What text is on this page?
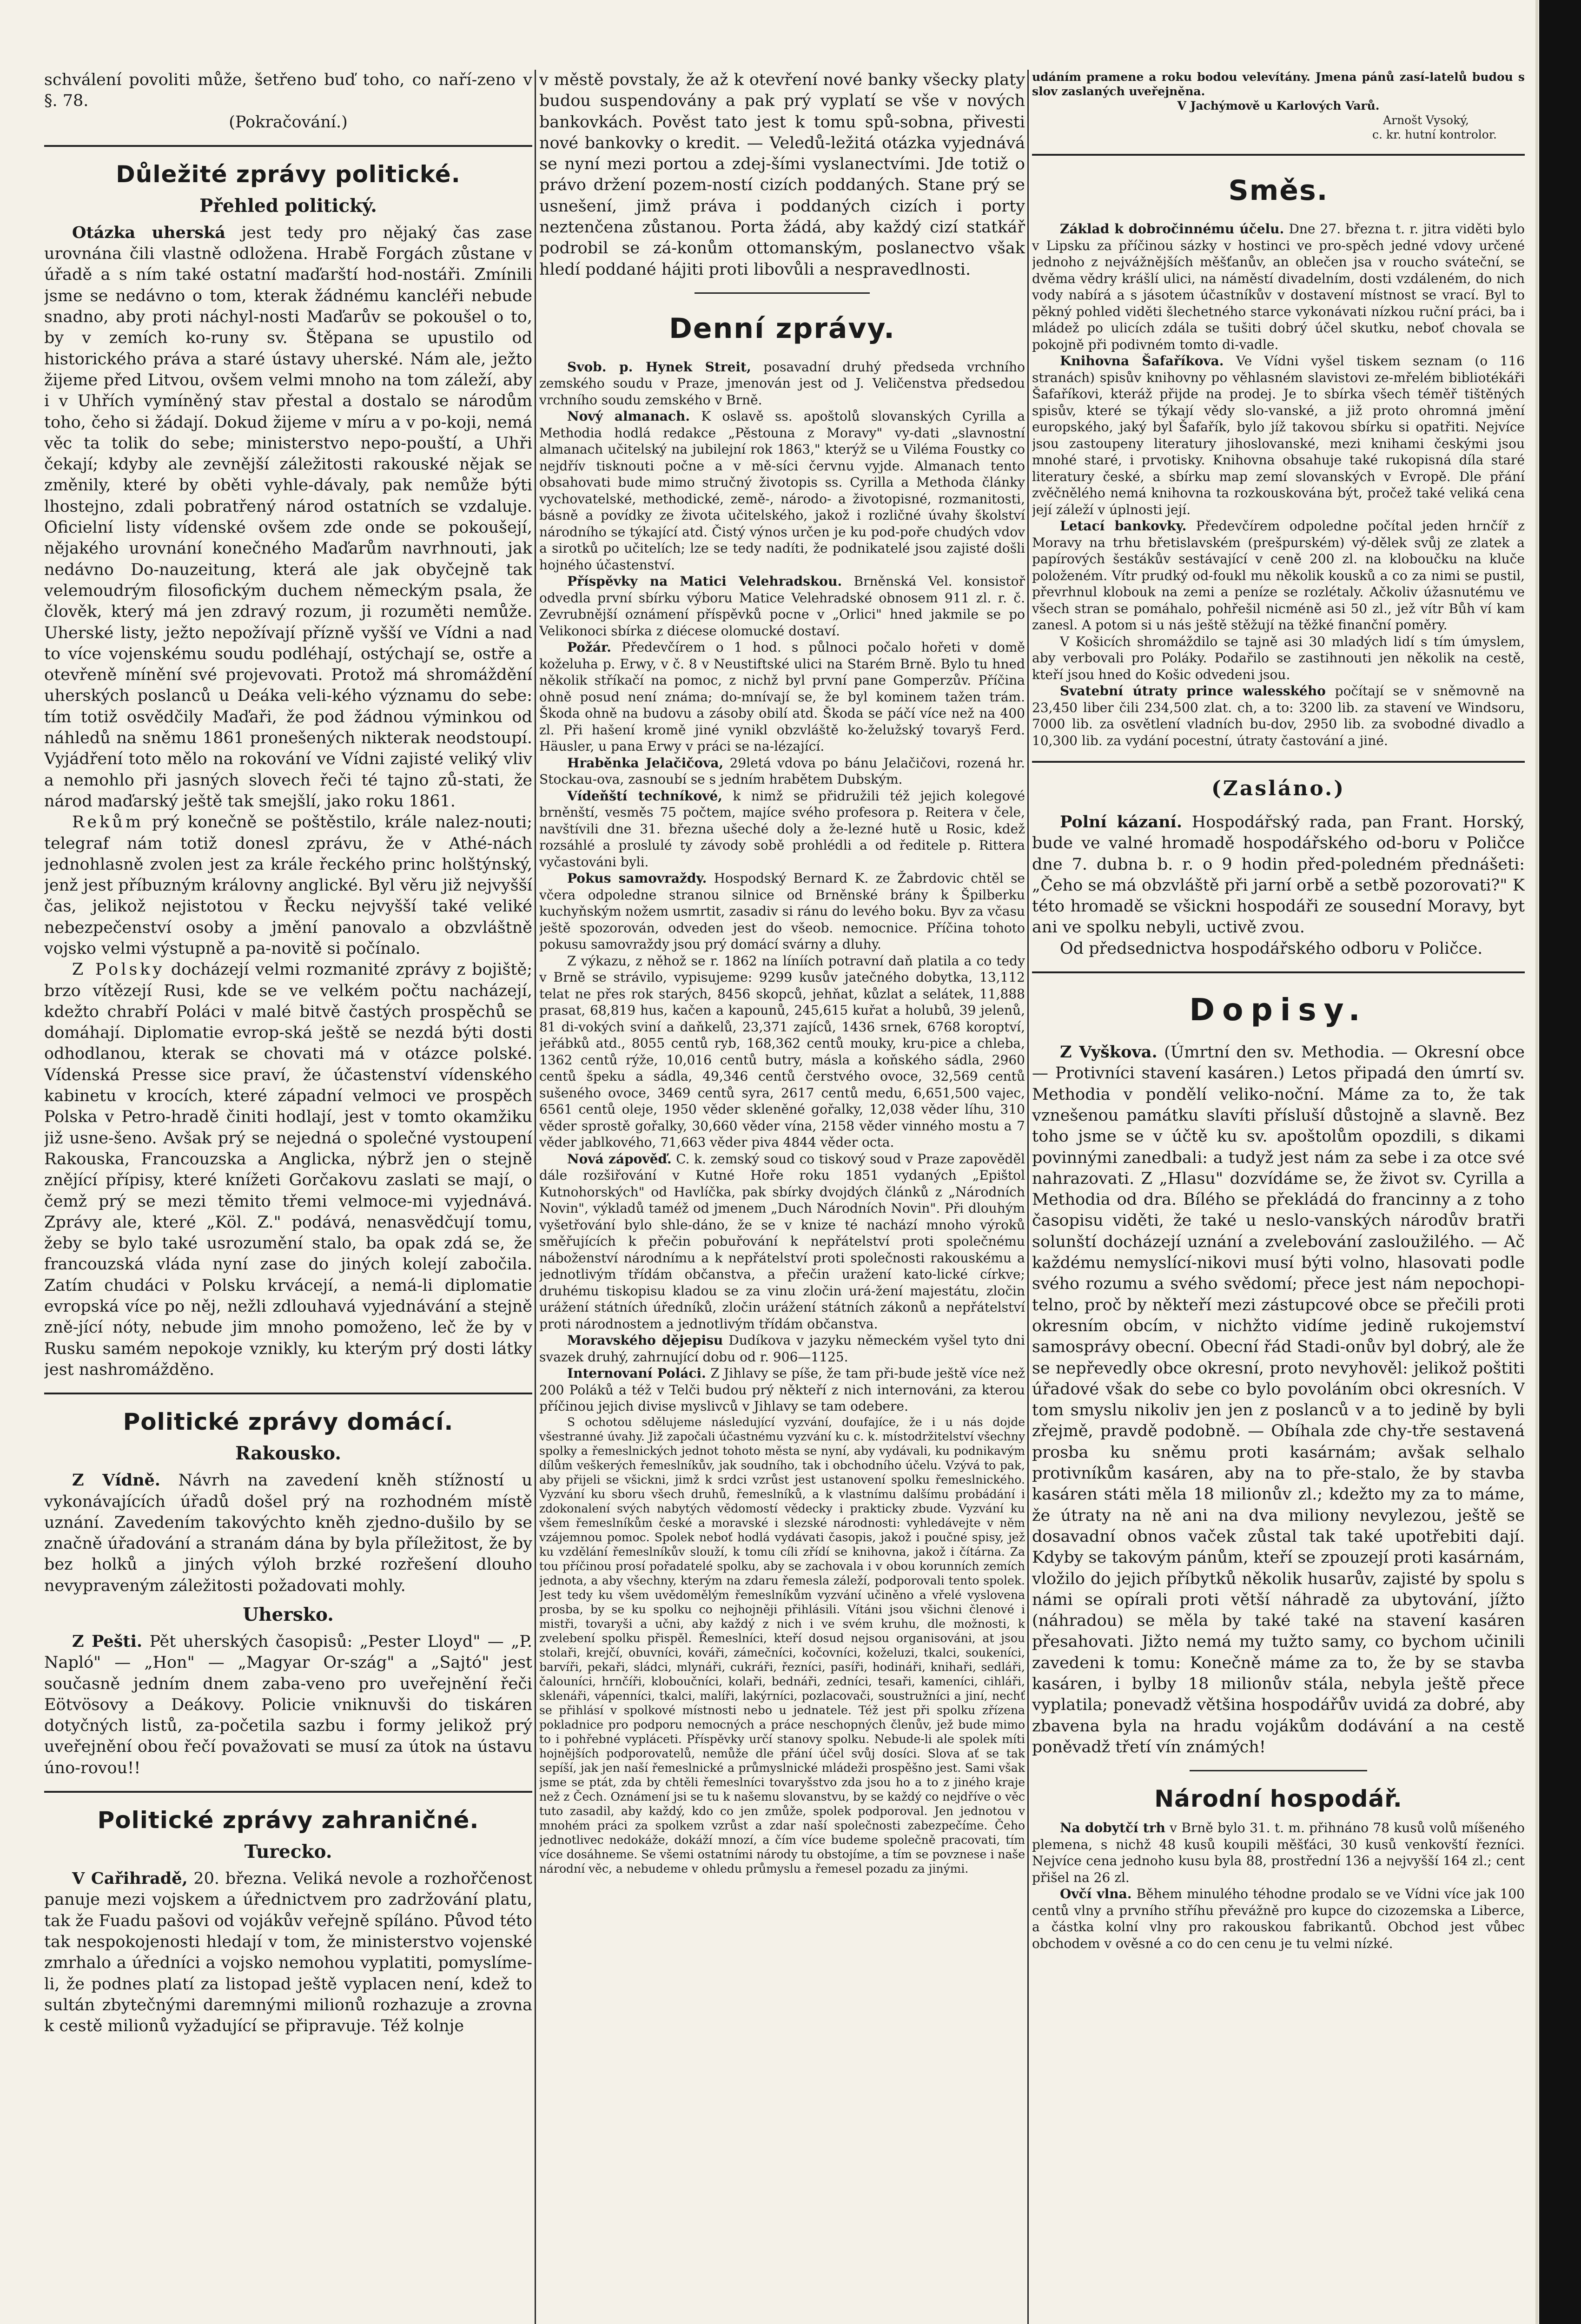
schválení povoliti může, šetřeno buď toho, co naří-zeno v §. 78.

(Pokračování.)

Důležité zprávy politické.
Přehled politický.

Otázka uherská jest tedy pro nějaký čas zase urovnána čili vlastně odložena. Hrabě Forgách zůstane v úřadě a s ním také ostatní maďarští hod-nostáři. Zmínili jsme se nedávno o tom, kterak žádnému kancléři nebude snadno, aby proti náchyl-nosti Maďarův se pokoušel o to, by v zemích ko-runy sv. Štěpana se upustilo od historického práva a staré ústavy uherské. Nám ale, ježto žijeme před Litvou, ovšem velmi mnoho na tom záleží, aby i v Uhřích vymíněný stav přestal a dostalo se národům toho, čeho si žádají. Dokud žijeme v míru a v po-koji, nemá věc ta tolik do sebe; ministerstvo nepo-pouští, a Uhři čekají; kdyby ale zevnější záležitosti rakouské nějak se změnily, které by oběti vyhle-dávaly, pak nemůže býti lhostejno, zdali pobratřený národ ostatních se vzdaluje. Oficielní listy vídenské ovšem zde onde se pokoušejí, nějakého urovnání konečného Maďarům navrhnouti, jak nedávno Do-nauzeitung, která ale jak obyčejně tak velemoudrým filosofickým duchem německým psala, že člověk, který má jen zdravý rozum, ji rozuměti nemůže. Uherské listy, ježto nepožívají přízně vyšší ve Vídni a nad to více vojenskému soudu podléhají, ostýchají se, ostře a otevřeně mínění své projevovati. Protož má shromáždění uherských poslanců u Deáka veli-kého významu do sebe: tím totiž osvědčily Maďaři, že pod žádnou výminkou od náhledů na sněmu 1861 pronešených nikterak neodstoupí. Vyjádření toto mělo na rokování ve Vídni zajisté veliký vliv a nemohlo při jasných slovech řeči té tajno zů-stati, že národ maďarský ještě tak smejšlí, jako roku 1861.

Rekům prý konečně se poštěstilo, krále nalez-nouti; telegraf nám totiž donesl zprávu, že v Athé-nách jednohlasně zvolen jest za krále řeckého princ holštýnský, jenž jest příbuzným královny anglické. Byl věru již nejvyšší čas, jelikož nejistotou v Řecku nejvyšší také veliké nebezpečenství osoby a jmění panovalo a obzvláštně vojsko velmi výstupně a pa-novitě si počínalo.

Z Polsky docházejí velmi rozmanité zprávy z bojiště; brzo vítězejí Rusi, kde se ve velkém počtu nacházejí, kdežto chrabří Poláci v malé bitvě častých prospěchů se domáhají. Diplomatie evrop-ská ještě se nezdá býti dosti odhodlanou, kterak se chovati má v otázce polské. Vídenská Presse sice praví, že účastenství vídenského kabinetu v krocích, které západní velmoci ve prospěch Polska v Petro-hradě činiti hodlají, jest v tomto okamžiku již usne-šeno. Avšak prý se nejedná o společné vystoupení Rakouska, Francouzska a Anglicka, nýbrž jen o stejně znějící přípisy, které knížeti Gorčakovu zaslati se mají, o čemž prý se mezi těmito třemi velmoce-mi vyjednává. Zprávy ale, které „Köl. Z." podává, nenasvědčují tomu, žeby se bylo také usrozumění stalo, ba opak zdá se, že francouzská vláda nyní zase do jiných kolejí zabočila. Zatím chudáci v Polsku krvácejí, a nemá-li diplomatie evropská více po něj, nežli zdlouhavá vyjednávání a stejně zně-jící nóty, nebude jim mnoho pomoženo, leč že by v Rusku samém nepokoje vznikly, ku kterým prý dosti látky jest nashromážděno.

Politické zprávy domácí.
Rakousko.

Z Vídně. Návrh na zavedení kněh stížností u vykonávajících úřadů došel prý na rozhodném místě uznání. Zavedením takovýchto kněh zjedno-dušilo by se značně úřadování a stranám dána by byla příležitost, že by bez holků a jiných výloh brzké rozřešení dlouho nevypraveným záležitosti požadovati mohly.

Uhersko.

Z Pešti. Pět uherských časopisů: „Pester Lloyd" — „P. Napló" — „Hon" — „Magyar Or-szág" a „Sajtó" jest současně jedním dnem zaba-veno pro uveřejnění řeči Eötvösovy a Deákovy. Policie vniknuvši do tiskáren dotyčných listů, za-početila sazbu i formy jelikož prý uveřejnění obou řečí považovati se musí za útok na ústavu úno-rovou!!

Politické zprávy zahraničné.
Turecko.

V Cařihradě, 20. března. Veliká nevole a rozhořčenost panuje mezi vojskem a úřednictvem pro zadržování platu, tak že Fuadu pašovi od vojákův veřejně spíláno. Původ této tak nespokojenosti hledají v tom, že ministerstvo vojenské zmrhalo a úředníci a vojsko nemohou vyplatiti, pomyslíme-li, že podnes platí za listopad ještě vyplacen není, kdež to sultán zbytečnými daremnými milionů rozhazuje a zrovna k cestě milionů vyžadující se připravuje. Též kolnje

v městě povstaly, že až k otevření nové banky všecky platy budou suspendovány a pak prý vyplatí se vše v nových bankovkách. Pověst tato jest k tomu spů-sobna, přivesti nové bankovky o kredit. — Veledů-ležitá otázka vyjednává se nyní mezi portou a zdej-šími vyslanectvími. Jde totiž o právo držení pozem-ností cizích poddaných. Stane prý se usnešení, jimž práva i poddaných cizích i porty neztenčena zůstanou. Porta žádá, aby každý cizí statkář podrobil se zá-konům ottomanským, poslanectvo však hledí poddané hájiti proti libovůli a nespravedlnosti.

Denní zprávy.

Svob. p. Hynek Streit, posavadní druhý předseda vrchního zemského soudu v Praze, jmenován jest od J. Veličenstva předsedou vrchního soudu zemského v Brně.

Nový almanach. K oslavě ss. apoštolů slovanských Cyrilla a Methodia hodlá redakce „Pěstouna z Moravy" vy-dati „slavnostní almanach učitelský na jubilejní rok 1863," kterýž se u Viléma Foustky co nejdřív tisknouti počne a v mě-síci červnu vyjde. Almanach tento obsahovati bude mimo stručný životopis ss. Cyrilla a Methoda články vychovatelské, methodické, země-, národo- a životopisné, rozmanitosti, básně a povídky ze života učitelského, jakož i rozličné úvahy školství národního se týkající atd. Čistý výnos určen je ku pod-poře chudých vdov a sirotků po učitelích; lze se tedy nadíti, že podnikatelé jsou zajisté došli hojného účastenství.

Příspěvky na Matici Velehradskou. Brněnská Vel. konsistoř odvedla první sbírku výboru Matice Velehradské obnosem 911 zl. r. č. Zevrubnější oznámení příspěvků pocne v „Orlici" hned jakmile se po Velikonoci sbírka z diécese olomucké dostaví.

Požár. Předevčírem o 1 hod. s půlnoci počalo hořeti v domě koželuha p. Erwy, v č. 8 v Neustiftské ulici na Starém Brně. Bylo tu hned několik stříkačí na pomoc, z nichž byl první pane Gomperzův. Příčina ohně posud není známa; do-mnívají se, že byl kominem tažen trám. Škoda ohně na budovu a zásoby obilí atd. Škoda se páčí více než na 400 zl. Při hašení kromě jiné vynikl obzvláště ko-želužský tovaryš Ferd. Häusler, u pana Erwy v práci se na-lézající.

Hraběnka Jelačičova, 29letá vdova po bánu Jelačičovi, rozená hr. Stockau-ova, zasnoubí se s jedním hrabětem Dubským.

Vídeňští techníkové, k nimž se přidružili též jejich kolegové brněnští, vesměs 75 počtem, majíce svého profesora p. Reitera v čele, navštívili dne 31. března ušeché doly a že-lezné hutě u Rosic, kdež rozsáhlé a proslulé ty závody sobě prohlédli a od ředitele p. Rittera vyčastováni byli.

Pokus samovraždy. Hospodský Bernard K. ze Žabrdovic chtěl se včera odpoledne stranou silnice od Brněnské brány k Špilberku kuchyňským nožem usmrtit, zasadiv si ránu do levého boku. Byv za včasu ještě spozorován, odveden jest do všeob. nemocnice. Příčina tohoto pokusu samovraždy jsou prý domácí svárny a dluhy.

Z výkazu, z něhož se r. 1862 na líníích potravní daň platila a co tedy v Brně se strávilo, vypisujeme: 9299 kusův jatečného dobytka, 13,112 telat ne přes rok starých, 8456 skopců, jehňat, kůzlat a selátek, 11,888 prasat, 68,819 hus, kačen a kapounů, 245,615 kuřat a holubů, 39 jelenů, 81 di-vokých sviní a daňkelů, 23,371 zajíců, 1436 srnek, 6768 koroptví, jeřábků atd., 8055 centů ryb, 168,362 centů mouky, kru-pice a chleba, 1362 centů rýže, 10,016 centů butry, másla a koňského sádla, 2960 centů špeku a sádla, 49,346 centů čerstvého ovoce, 32,569 centů sušeného ovoce, 3469 centů syra, 2617 centů medu, 6,651,500 vajec, 6561 centů oleje, 1950 věder skleněné gořalky, 12,038 věder líhu, 310 věder sprostě gořalky, 30,660 věder vína, 2158 věder vinného mostu a 7 věder jablkového, 71,663 věder piva 4844 věder octa.

Nová zápověď. C. k. zemský soud co tiskový soud v Praze zapověděl dále rozšiřování v Kutné Hoře roku 1851 vydaných „Epištol Kutnohorských" od Havlíčka, pak sbírky dvojdých článků z „Národních Novin", výkladů taméž od jmenem „Duch Národních Novin". Při dlouhým vyšetřování bylo shle-dáno, že se v knize té nachází mnoho výroků směřujících k přečin pobuřování k nepřátelství proti společnému náboženství národnímu a k nepřátelství proti společnosti rakouskému a jednotlivým třídám občanstva, a přečin uražení kato-lické církve; druhému tiskopisu kladou se za vinu zločin urá-žení majestátu, zločin urážení státních úředníků, zločin urážení státních zákonů a nepřátelství proti národnostem a jednotlivým třídám občanstva.

Moravského dějepisu Dudíkova v jazyku německém vyšel tyto dni svazek druhý, zahrnující dobu od r. 906—1125.

Internovaní Poláci. Z Jihlavy se píše, že tam při-bude ještě více než 200 Poláků a též v Telči budou prý někteří z nich internováni, za kterou příčinou jejich divise myslivců v Jihlavy se tam odebere.

S ochotou sdělujeme následující vyzvání, doufajíce, že i u nás dojde všestranné úvahy. Již započali účastnému vyzvání ku c. k. místodržitelství všechny spolky a řemeslnických jednot tohoto města se nyní, aby vydávali, ku podnikavým dílům veškerých řemeslníkův, jak soudního, tak i obchodního účelu. Vzývá to pak, aby přijeli se všickni, jimž k srdci vzrůst jest ustanovení spolku řemeslnického. Vyzvání ku sboru všech druhů, řemeslníků, a k vlastnímu dalšímu probádání i zdokonalení svých nabytých vědomostí vědecky i prakticky zbude. Vyzvání ku všem řemeslníkům české a moravské i slezské národnosti: vyhledávejte v něm vzájemnou pomoc. Spolek neboť hodlá vydávati časopis, jakož i poučné spisy, jež ku vzdělání řemeslníkův slouží, k tomu cíli zřídí se knihovna, jakož i čítárna. Za tou příčinou prosí pořadatelé spolku, aby se zachovala i v obou korunních zemích jednota, a aby všechny, kterým na zdaru řemesla záleží, podporovali tento spolek. Jest tedy ku všem uvědomělým řemeslníkům vyzvání učiněno a vřelé vyslovena prosba, by se ku spolku co nejhojněji přihlásili. Vítáni jsou všichni členové i mistři, tovaryši a učni, aby každý z nich i ve svém kruhu, dle možnosti, k zvelebení spolku přispěl. Řemeslníci, kteří dosud nejsou organisováni, at jsou stolaři, krejčí, obuvníci, kováři, zámečníci, kočovníci, koželuzi, tkalci, soukeníci, barvíři, pekaři, sládci, mlynáři, cukráři, řezníci, pasíři, hodináři, knihaři, sedláři, čalouníci, hrnčíři, kloboučníci, kolaři, bednáři, zedníci, tesaři, kameníci, cihláři, sklenáři, vápenníci, tkalci, malíři, lakýrníci, pozlacovači, soustružníci a jiní, nechť se přihlásí v spolkové místnosti nebo u jednatele. Též jest při spolku zřízena pokladnice pro podporu nemocných a práce neschopných členův, jež bude mimo to i pohřebné vypláceti. Příspěvky určí stanovy spolku. Nebude-li ale spolek míti hojnějších podporovatelů, nemůže dle přání účel svůj dosíci. Slova ať se tak sepíší, jak jen naší řemeslnické a průmyslnické mládeži prospěšno jest. Sami však jsme se ptát, zda by chtěli řemeslníci tovaryšstvo zda jsou ho a to z jiného kraje než z Čech. Oznámení jsi se tu k našemu slovanstvu, by se každý co nejdříve o věc tuto zasadil, aby každý, kdo co jen zmůže, spolek podporoval. Jen jednotou v mnohém práci za spolkem vzrůst a zdar naší společnosti zabezpečíme. Čeho jednotlivec nedokáže, dokáží mnozí, a čím více budeme společně pracovati, tím více dosáhneme. Se všemi ostatními národy tu obstojíme, a tím se povznese i naše národní věc, a nebudeme v ohledu průmyslu a řemesel pozadu za jinými.

udáním pramene a roku bodou velevítány. Jmena pánů zasí-latelů budou s slov zaslaných uveřejněna.

V Jachýmově u Karlových Varů.

Arnošt Vysoký,

c. kr. hutní kontrolor.

Směs.

Základ k dobročinnému účelu. Dne 27. března t. r. jitra viděti bylo v Lipsku za příčinou sázky v hostinci ve pro-spěch jedné vdovy určené jednoho z nejvážnějších měšťanův, an oblečen jsa v roucho sváteční, se dvěma vědry krášlí ulici, na náměstí divadelním, dosti vzdáleném, do nich vody nabírá a s jásotem účastníkův v dostavení místnost se vrací. Byl to pěkný pohled viděti šlechetného starce vykonávati nízkou ruční práci, ba i mládež po ulicích zdála se tušiti dobrý účel skutku, neboť chovala se pokojně při podivném tomto di-vadle.

Knihovna Šafaříkova. Ve Vídni vyšel tiskem seznam (o 116 stranách) spisův knihovny po věhlasném slavistovi ze-mřelém bibliotékáři Šafaříkovi, kteráž přijde na prodej. Je to sbírka všech téměř tištěných spisův, které se týkají vědy slo-vanské, a již proto ohromná jmění europského, jaký byl Šafařík, bylo jíž takovou sbírku si opatřiti. Nejvíce jsou zastoupeny literatury jihoslovanské, mezi knihami českými jsou mnohé staré, i prvotisky. Knihovna obsahuje také rukopisná díla staré literatury české, a sbírku map zemí slovanských v Evropě. Dle přání zvěčnělého nemá knihovna ta rozkouskována být, pročež také veliká cena její záleží v úplnosti její.

Letací bankovky. Předevčírem odpoledne počítal jeden hrnčíř z Moravy na trhu břetislavském (prešpurském) vý-dělek svůj ze zlatek a papírových šestákův sestávající v ceně 200 zl. na kloboučku na kluče položeném. Vítr prudký od-foukl mu několik kousků a co za nimi se pustil, převrhnul klobouk na zemi a peníze se rozlétaly. Ačkoliv úžasnutému ve všech stran se pomáhalo, pohřešil nicméně asi 50 zl., jež vítr Bůh ví kam zanesl. A potom si u nás ještě stěžují na těžké finanční poměry.

V Košicích shromáždilo se tajně asi 30 mladých lidí s tím úmyslem, aby verbovali pro Poláky. Podařilo se zastihnouti jen několik na cestě, kteří jsou hned do Košic odvedeni jsou.

Svatební útraty prince walesského počítají se v sněmovně na 23,450 liber čili 234,500 zlat. ch, a to: 3200 lib. za stavení ve Windsoru, 7000 lib. za osvětlení vladních bu-dov, 2950 lib. za svobodné divadlo a 10,300 lib. za vydání pocestní, útraty častování a jiné.

(Zasláno.)

Polní kázaní. Hospodářský rada, pan Frant. Horský, bude ve valné hromadě hospodářského od-boru v Poličce dne 7. dubna b. r. o 9 hodin před-poledném přednášeti: „Čeho se má obzvláště při jarní orbě a setbě pozorovati?" K této hromadě se všickni hospodáři ze sousední Moravy, byt ani ve spolku nebyli, uctivě zvou.

Od předsednictva hospodářského odboru v Poličce.

Dopisy.

Z Vyškova. (Úmrtní den sv. Methodia. — Okresní obce — Protivníci stavení kasáren.) Letos připadá den úmrtí sv. Methodia v pondělí veliko-noční. Máme za to, že tak vznešenou památku slavíti přísluší důstojně a slavně. Bez toho jsme se v účtě ku sv. apoštolům opozdili, s dikami povinnými zanedbali: a tudyž jest nám za sebe i za otce své nahrazovati. Z „Hlasu" dozvídáme se, že život sv. Cyrilla a Methodia od dra. Bílého se překládá do francinny a z toho časopisu viděti, že také u neslo-vanských národův bratři solunští docházejí uznání a zvelebování zasloužilého. — Ač každému nemyslící-nikovi musí býti volno, hlasovati podle svého rozumu a svého svědomí; přece jest nám nepochopi-telno, proč by někteří mezi zástupcové obce se přečili proti okresním obcím, v nichžto vidíme jedině rukojemství samosprávy obecní. Obecní řád Stadi-onův byl dobrý, ale že se nepřevedly obce okresní, proto nevyhověl: jelikož poštiti úřadové však do sebe co bylo povoláním obci okresních. V tom smyslu nikoliv jen jen z poslanců v a to jedině by byli zřejmě, pravdě podobně. — Obíhala zde chy-tře sestavená prosba ku sněmu proti kasárnám; avšak selhalo protivníkům kasáren, aby na to pře-stalo, že by stavba kasáren státi měla 18 milionův zl.; kdežto my za to máme, že útraty na ně ani na dva miliony nevylezou, ještě se dosavadní obnos vaček zůstal tak také upotřebiti dají. Kdyby se takovým pánům, kteří se zpouzejí proti kasárnám, vložilo do jejich příbytků několik husarův, zajisté by spolu s námi se opírali proti větší náhradě za ubytování, jížto (náhradou) se měla by také také na stavení kasáren přesahovati. Jižto nemá my tužto samy, co bychom učinili zavedeni k tomu: Konečně máme za to, že by se stavba kasáren, i bylby 18 milionův stála, nebyla ještě přece vyplatila; ponevadž většina hospodářův uvidá za dobré, aby zbavena byla na hradu vojákům dodávání a na cestě poněvadž třetí vín známých!

Národní hospodář.

Na dobytčí trh v Brně bylo 31. t. m. přihnáno 78 kusů volů míšeného plemena, s nichž 48 kusů koupili měšťáci, 30 kusů venkovští řezníci. Nejvíce cena jednoho kusu byla 88, prostřední 136 a nejvyšší 164 zl.; cent přišel na 26 zl.

Ovčí vlna. Během minulého téhodne prodalo se ve Vídni více jak 100 centů vlny a prvního stříhu převážně pro kupce do cizozemska a Liberce, a částka kolní vlny pro rakouskou fabrikantů. Obchod jest vůbec obchodem v ověsné a co do cen cenu je tu velmi nízké.
